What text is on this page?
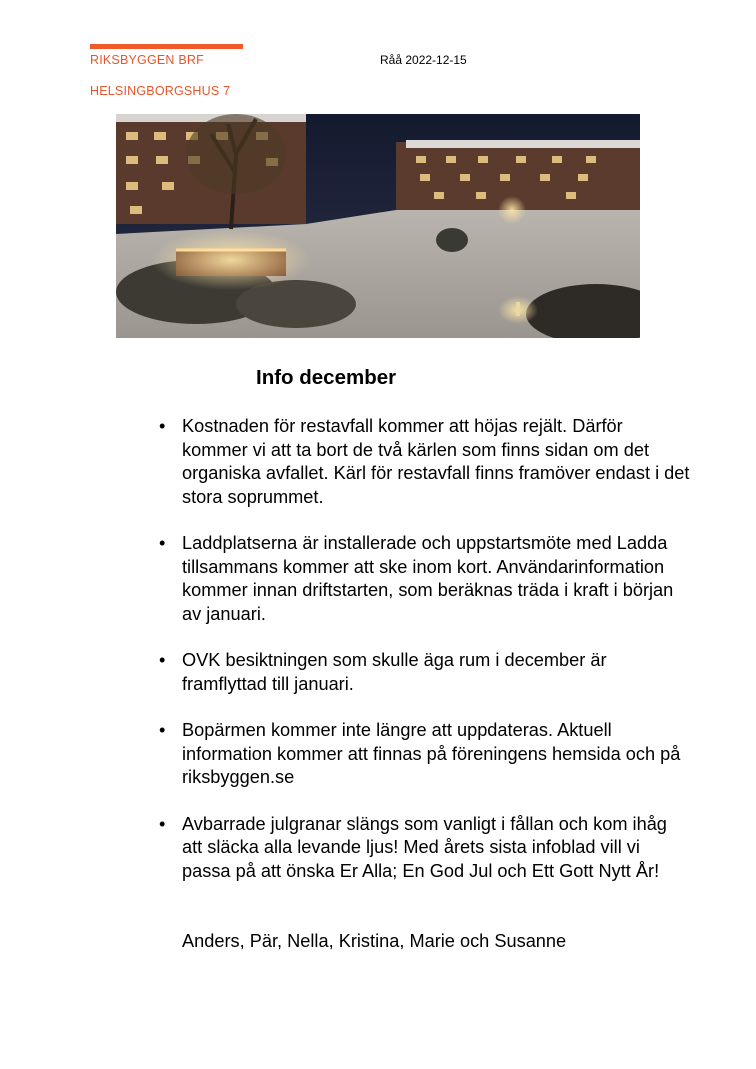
RIKSBYGGEN BRF
HELSINGBORGSHUS 7
Råå 2022-12-15
Info december
• Kostnaden för restavfall kommer att höjas rejält. Därför kommer vi att ta bort de två kärlen som finns sidan om det organiska avfallet. Kärl för restavfall finns framöver endast i det stora soprummet.
• Laddplatserna är installerade och uppstartsmöte med Ladda tillsammans kommer att ske inom kort. Användarinformation kommer innan driftstarten, som beräknas träda i kraft i början av januari.
• OVK besiktningen som skulle äga rum i december är framflyttad till januari.
• Bopärmen kommer inte längre att uppdateras. Aktuell information kommer att finnas på föreningens hemsida och på riksbyggen.se
• Avbarrade julgranar slängs som vanligt i fållan och kom ihåg att släcka alla levande ljus! Med årets sista infoblad vill vi passa på att önska Er Alla; En God Jul och Ett Gott Nytt År!

Anders, Pär, Nella, Kristina, Marie och Susanne
